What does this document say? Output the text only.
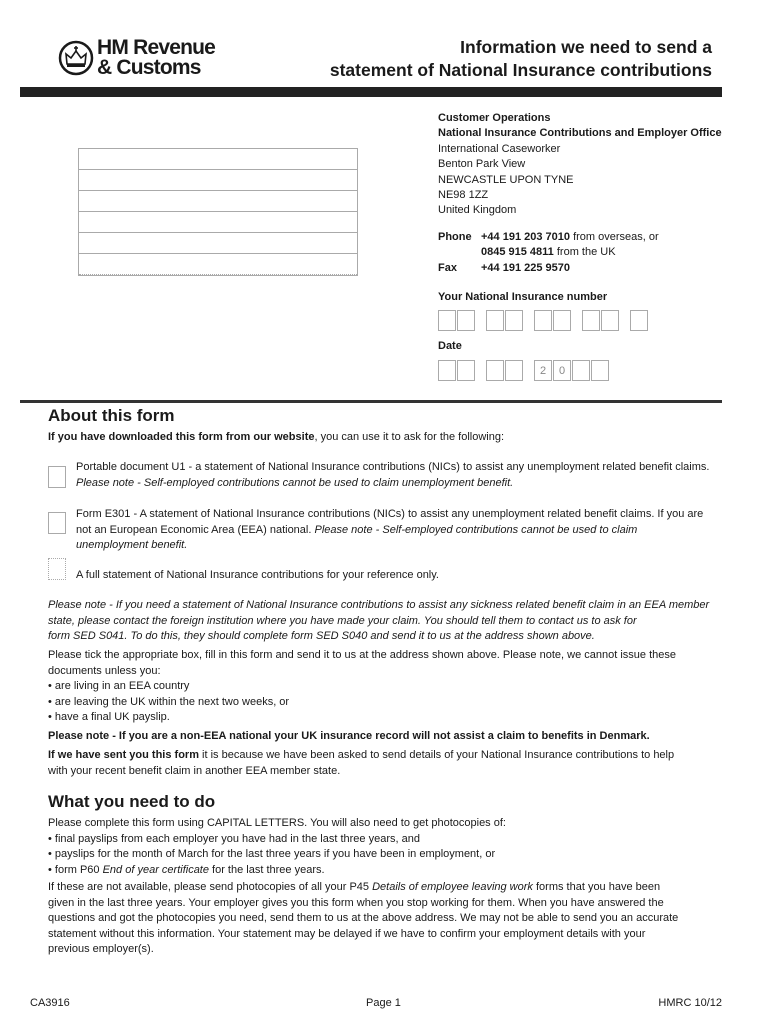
HM Revenue
& Customs
Information we need to send a
statement of National Insurance contributions
Customer Operations
National Insurance Contributions and Employer Office
International Caseworker
Benton Park View
NEWCASTLE UPON TYNE
NE98 1ZZ
United Kingdom
Phone +44 191 203 7010 from overseas, or
0845 915 4811 from the UK
Fax +44 191 225 9570
Your National Insurance number
Date
2	0
About this form
If you have downloaded this form from our website, you can use it to ask for the following:
Portable document U1 - a statement of National Insurance contributions (NICs) to assist any unemployment related benefit claims.
Please note - Self-employed contributions cannot be used to claim unemployment benefit.
Form E301 - A statement of National Insurance contributions (NICs) to assist any unemployment related benefit claims. If you are
not an European Economic Area (EEA) national. Please note - Self-employed contributions cannot be used to claim
unemployment benefit.
A full statement of National Insurance contributions for your reference only.
Please note - If you need a statement of National Insurance contributions to assist any sickness related benefit claim in an EEA member
state, please contact the foreign institution where you have made your claim. You should tell them to contact us to ask for
form SED S041. To do this, they should complete form SED S040 and send it to us at the address shown above.
Please tick the appropriate box, fill in this form and send it to us at the address shown above. Please note, we cannot issue these
documents unless you:
• are living in an EEA country
• are leaving the UK within the next two weeks, or
• have a final UK payslip.
Please note - If you are a non-EEA national your UK insurance record will not assist a claim to benefits in Denmark.
If we have sent you this form it is because we have been asked to send details of your National Insurance contributions to help
with your recent benefit claim in another EEA member state.
What you need to do
Please complete this form using CAPITAL LETTERS. You will also need to get photocopies of:
• final payslips from each employer you have had in the last three years, and
• payslips for the month of March for the last three years if you have been in employment, or
• form P60 End of year certificate for the last three years.
If these are not available, please send photocopies of all your P45 Details of employee leaving work forms that you have been
given in the last three years. Your employer gives you this form when you stop working for them. When you have answered the
questions and got the photocopies you need, send them to us at the above address. We may not be able to send you an accurate
statement without this information. Your statement may be delayed if we have to confirm your employment details with your
previous employer(s).
CA3916	Page 1	HMRC 10/12
